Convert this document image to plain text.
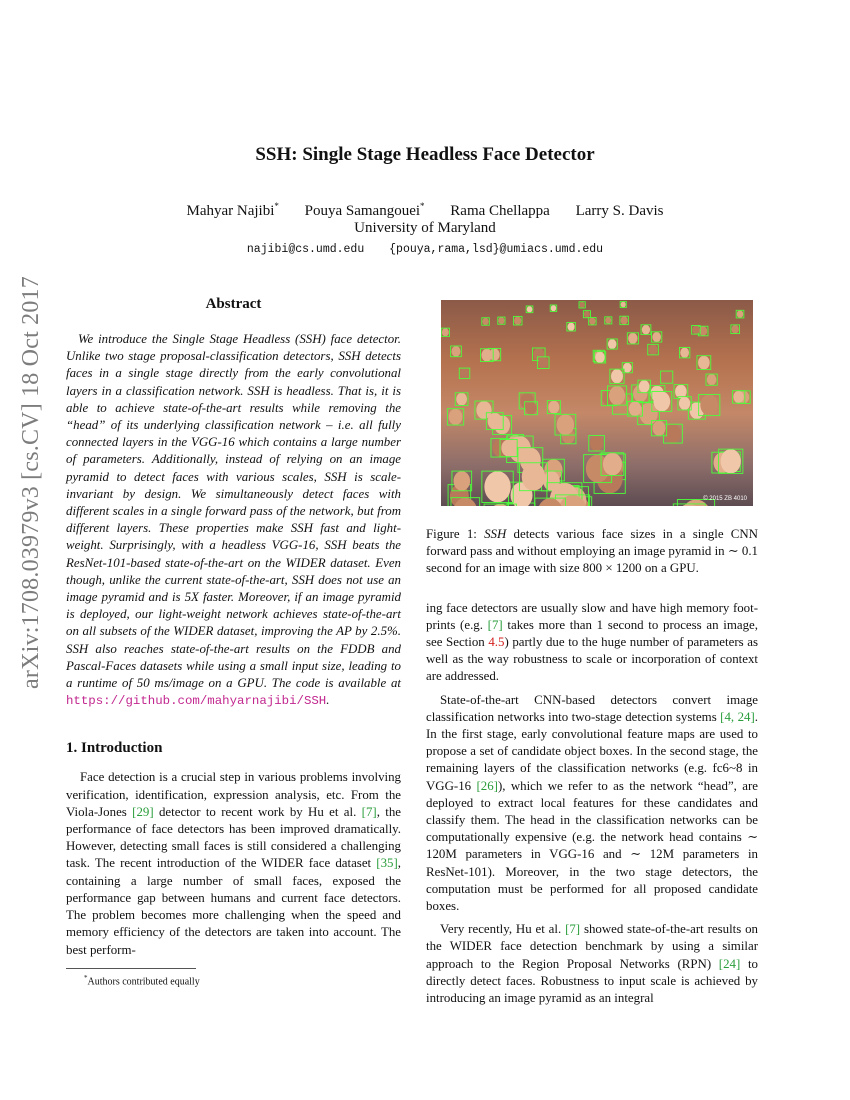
arXiv:1708.03979v3 [cs.CV] 18 Oct 2017
SSH: Single Stage Headless Face Detector
Mahyar Najibi* Pouya Samangouei* Rama Chellappa Larry S. Davis
University of Maryland
najibi@cs.umd.edu {pouya,rama,lsd}@umiacs.umd.edu
Abstract

We introduce the Single Stage Headless (SSH) face detector. Unlike two stage proposal-classification detectors, SSH detects faces in a single stage directly from the early convolutional layers in a classification network. SSH is headless. That is, it is able to achieve state-of-the-art results while removing the “head” of its underlying classification network – i.e. all fully connected layers in the VGG-16 which contains a large number of parameters. Additionally, instead of relying on an image pyramid to detect faces with various scales, SSH is scale-invariant by design. We simultaneously detect faces with different scales in a single forward pass of the network, but from different layers. These properties make SSH fast and light-weight. Surprisingly, with a headless VGG-16, SSH beats the ResNet-101-based state-of-the-art on the WIDER dataset. Even though, unlike the current state-of-the-art, SSH does not use an image pyramid and is 5X faster. Moreover, if an image pyramid is deployed, our light-weight network achieves state-of-the-art on all subsets of the WIDER dataset, improving the AP by 2.5%. SSH also reaches state-of-the-art results on the FDDB and Pascal-Faces datasets while using a small input size, leading to a runtime of 50 ms/image on a GPU. The code is available at https://github.com/mahyarnajibi/SSH.

1. Introduction

Face detection is a crucial step in various problems involving verification, identification, expression analysis, etc. From the Viola-Jones [29] detector to recent work by Hu et al. [7], the performance of face detectors has been improved dramatically. However, detecting small faces is still considered a challenging task. The recent introduction of the WIDER face dataset [35], containing a large number of small faces, exposed the performance gap between humans and current face detectors. The problem becomes more challenging when the speed and memory efficiency of the detectors are taken into account. The best perform-

*Authors contributed equally
© 2015 ZB 4010
Figure 1: SSH detects various face sizes in a single CNN forward pass and without employing an image pyramid in ∼ 0.1 second for an image with size 800 × 1200 on a GPU.

ing face detectors are usually slow and have high memory foot-prints (e.g. [7] takes more than 1 second to process an image, see Section 4.5) partly due to the huge number of parameters as well as the way robustness to scale or incorporation of context are addressed.

State-of-the-art CNN-based detectors convert image classification networks into two-stage detection systems [4, 24]. In the first stage, early convolutional feature maps are used to propose a set of candidate object boxes. In the second stage, the remaining layers of the classification networks (e.g. fc6~8 in VGG-16 [26]), which we refer to as the network “head”, are deployed to extract local features for these candidates and classify them. The head in the classification networks can be computationally expensive (e.g. the network head contains ∼ 120M parameters in VGG-16 and ∼ 12M parameters in ResNet-101). Moreover, in the two stage detectors, the computation must be performed for all proposed candidate boxes.

Very recently, Hu et al. [7] showed state-of-the-art results on the WIDER face detection benchmark by using a similar approach to the Region Proposal Networks (RPN) [24] to directly detect faces. Robustness to input scale is achieved by introducing an image pyramid as an integral
